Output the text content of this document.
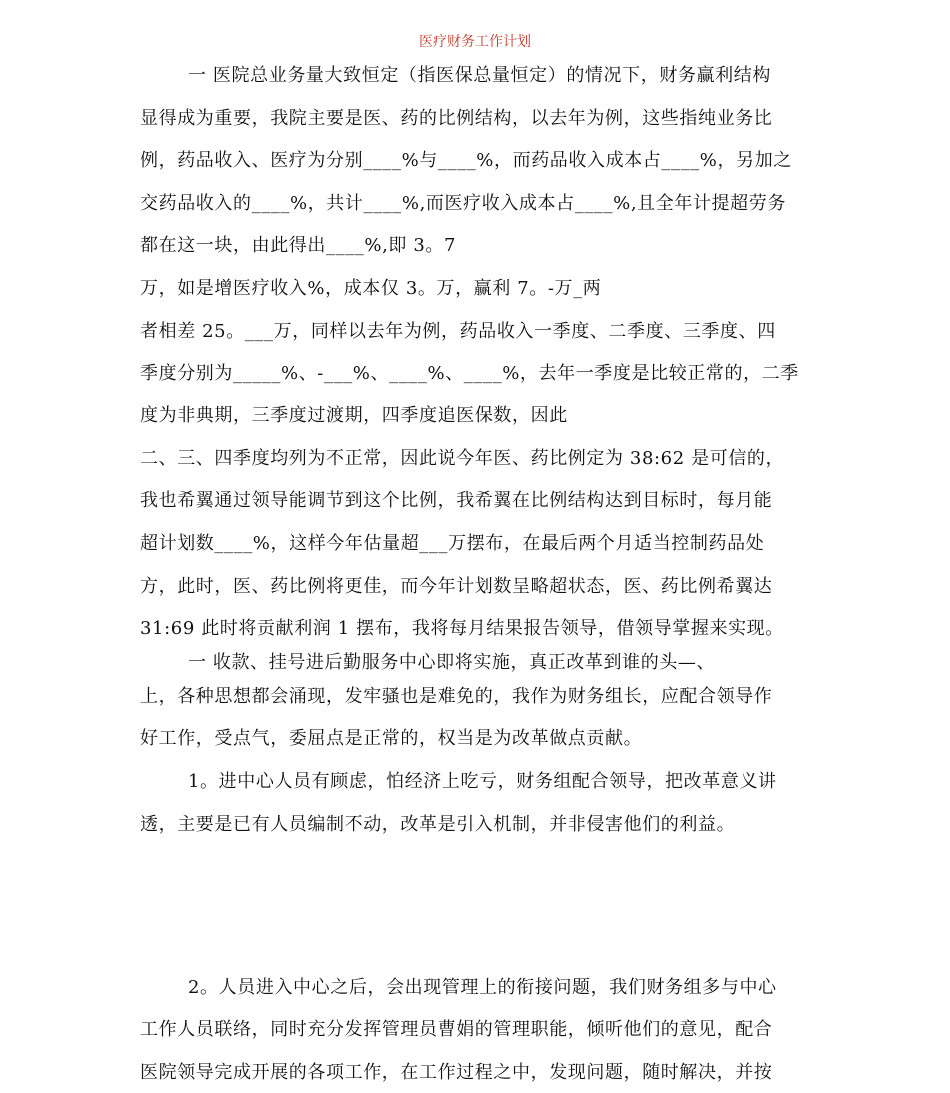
医疗财务工作计划
一 医院总业务量大致恒定（指医保总量恒定）的情况下，财务赢利结构
显得成为重要，我院主要是医、药的比例结构，以去年为例，这些指纯业务比
例，药品收入、医疗为分别____%与____%，而药品收入成本占____%，另加之
交药品收入的____%，共计____%,而医疗收入成本占____%,且全年计提超劳务
都在这一块，由此得出____%,即 3。7
万，如是增医疗收入%，成本仅 3。万，赢利 7。-万_两
者相差 25。___万，同样以去年为例，药品收入一季度、二季度、三季度、四
季度分别为_____%、-___%、____%、____%，去年一季度是比较正常的，二季
度为非典期，三季度过渡期，四季度追医保数，因此
二、三、四季度均列为不正常，因此说今年医、药比例定为 38:62 是可信的，
我也希翼通过领导能调节到这个比例，我希翼在比例结构达到目标时，每月能
超计划数____%，这样今年估量超___万摆布，在最后两个月适当控制药品处
方，此时，医、药比例将更佳，而今年计划数呈略超状态，医、药比例希翼达
31:69 此时将贡献利润 1 摆布，我将每月结果报告领导，借领导掌握来实现。
一 收款、挂号进后勤服务中心即将实施，真正改革到谁的头—、
上，各种思想都会涌现，发牢骚也是难免的，我作为财务组长，应配合领导作
好工作，受点气，委屈点是正常的，权当是为改革做点贡献。
1。进中心人员有顾虑，怕经济上吃亏，财务组配合领导，把改革意义讲
透，主要是已有人员编制不动，改革是引入机制，并非侵害他们的利益。
2。人员进入中心之后，会出现管理上的衔接问题，我们财务组多与中心
工作人员联络，同时充分发挥管理员曹娟的管理职能，倾听他们的意见，配合
医院领导完成开展的各项工作，在工作过程之中，发现问题，随时解决，并按
